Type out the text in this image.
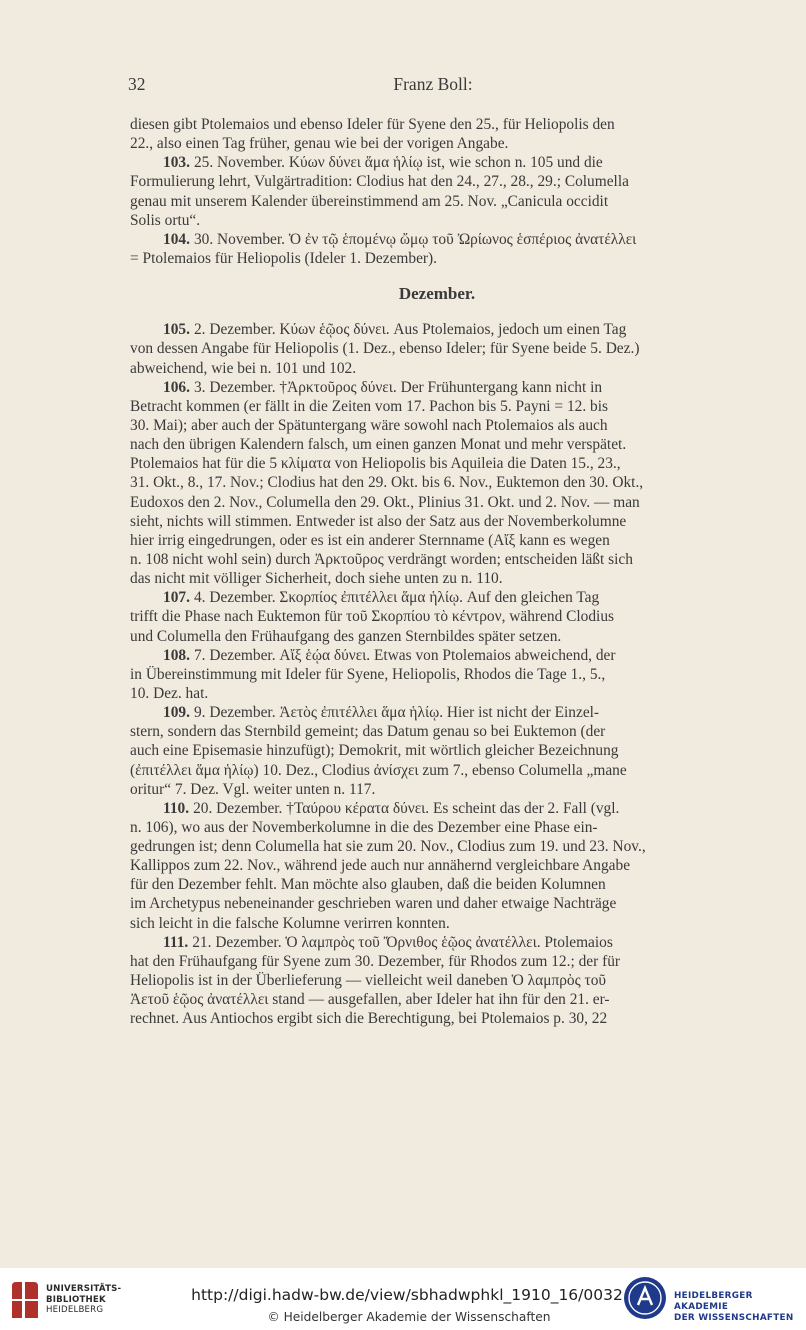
32	Franz Boll:
diesen gibt Ptolemaios und ebenso Ideler für Syene den 25., für Heliopolis den
22., also einen Tag früher, genau wie bei der vorigen Angabe.
103. 25. November. Κύων δύνει ἅμα ἡλίῳ ist, wie schon n. 105 und die
Formulierung lehrt, Vulgärtradition: Clodius hat den 24., 27., 28., 29.; Columella
genau mit unserem Kalender übereinstimmend am 25. Nov. „Canicula occidit
Solis ortu“.
104. 30. November. Ὁ ἐν τῷ ἑπομένῳ ὤμῳ τοῦ Ὠρίωνος ἑσπέριος ἀνατέλλει
= Ptolemaios für Heliopolis (Ideler 1. Dezember).
Dezember.
105. 2. Dezember. Κύων ἑῷος δύνει. Aus Ptolemaios, jedoch um einen Tag
von dessen Angabe für Heliopolis (1. Dez., ebenso Ideler; für Syene beide 5. Dez.)
abweichend, wie bei n. 101 und 102.
106. 3. Dezember. †Ἀρκτοῦρος δύνει. Der Frühuntergang kann nicht in
Betracht kommen (er fällt in die Zeiten vom 17. Pachon bis 5. Payni = 12. bis
30. Mai); aber auch der Spätuntergang wäre sowohl nach Ptolemaios als auch
nach den übrigen Kalendern falsch, um einen ganzen Monat und mehr verspätet.
Ptolemaios hat für die 5 κλίματα von Heliopolis bis Aquileia die Daten 15., 23.,
31. Okt., 8., 17. Nov.; Clodius hat den 29. Okt. bis 6. Nov., Euktemon den 30. Okt.,
Eudoxos den 2. Nov., Columella den 29. Okt., Plinius 31. Okt. und 2. Nov. — man
sieht, nichts will stimmen. Entweder ist also der Satz aus der Novemberkolumne
hier irrig eingedrungen, oder es ist ein anderer Sternname (Αἴξ kann es wegen
n. 108 nicht wohl sein) durch Ἀρκτοῦρος verdrängt worden; entscheiden läßt sich
das nicht mit völliger Sicherheit, doch siehe unten zu n. 110.
107. 4. Dezember. Σκορπίος ἐπιτέλλει ἅμα ἡλίῳ. Auf den gleichen Tag
trifft die Phase nach Euktemon für τοῦ Σκορπίου τὸ κέντρον, während Clodius
und Columella den Frühaufgang des ganzen Sternbildes später setzen.
108. 7. Dezember. Αἴξ ἑῴα δύνει. Etwas von Ptolemaios abweichend, der
in Übereinstimmung mit Ideler für Syene, Heliopolis, Rhodos die Tage 1., 5.,
10. Dez. hat.
109. 9. Dezember. Ἀετὸς ἐπιτέλλει ἅμα ἡλίῳ. Hier ist nicht der Einzel-
stern, sondern das Sternbild gemeint; das Datum genau so bei Euktemon (der
auch eine Episemasie hinzufügt); Demokrit, mit wörtlich gleicher Bezeichnung
(ἐπιτέλλει ἅμα ἡλίῳ) 10. Dez., Clodius ἀνίσχει zum 7., ebenso Columella „mane
oritur“ 7. Dez. Vgl. weiter unten n. 117.
110. 20. Dezember. †Ταύρου κέρατα δύνει. Es scheint das der 2. Fall (vgl.
n. 106), wo aus der Novemberkolumne in die des Dezember eine Phase ein-
gedrungen ist; denn Columella hat sie zum 20. Nov., Clodius zum 19. und 23. Nov.,
Kallippos zum 22. Nov., während jede auch nur annähernd vergleichbare Angabe
für den Dezember fehlt. Man möchte also glauben, daß die beiden Kolumnen
im Archetypus nebeneinander geschrieben waren und daher etwaige Nachträge
sich leicht in die falsche Kolumne verirren konnten.
111. 21. Dezember. Ὁ λαμπρὸς τοῦ Ὄρνιθος ἑῷος ἀνατέλλει. Ptolemaios
hat den Frühaufgang für Syene zum 30. Dezember, für Rhodos zum 12.; der für
Heliopolis ist in der Überlieferung — vielleicht weil daneben Ὁ λαμπρὸς τοῦ
Ἀετοῦ ἑῷος ἀνατέλλει stand — ausgefallen, aber Ideler hat ihn für den 21. er-
rechnet. Aus Antiochos ergibt sich die Berechtigung, bei Ptolemaios p. 30, 22
UNIVERSITÄTS-
BIBLIOTHEK
HEIDELBERG
http://digi.hadw-bw.de/view/sbhadwphkl_1910_16/0032
© Heidelberger Akademie der Wissenschaften
HEIDELBERGER AKADEMIE
DER WISSENSCHAFTEN
